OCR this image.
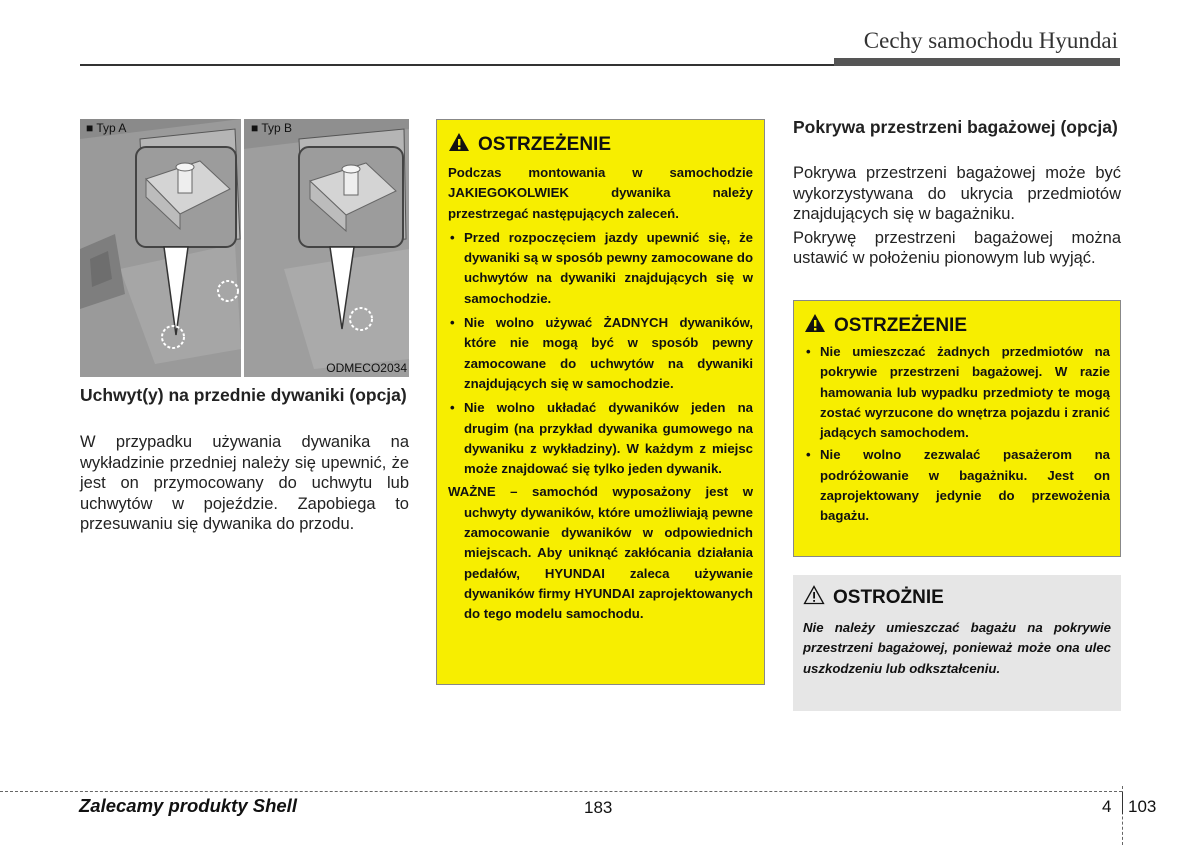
Cechy samochodu Hyundai
■ Typ A	■ Typ B
ODMECO2034
Uchwyt(y) na przednie dywaniki (opcja)
W przypadku używania dywanika na wykładzinie przedniej należy się upewnić, że jest on przymocowany do uchwytu lub uchwytów w pojeździe. Zapobiega to przesuwaniu się dywanika do przodu.
OSTRZEŻENIE
Podczas montowania w samochodzie JAKIEGOKOLWIEK dywanika należy przestrzegać następujących zaleceń.
• Przed rozpoczęciem jazdy upewnić się, że dywaniki są w sposób pewny zamocowane do uchwytów na dywaniki znajdujących się w samochodzie.
• Nie wolno używać ŻADNYCH dywaników, które nie mogą być w sposób pewny zamocowane do uchwytów na dywaniki znajdujących się w samochodzie.
• Nie wolno układać dywaników jeden na drugim (na przykład dywanika gumowego na dywaniku z wykładziny). W każdym z miejsc może znajdować się tylko jeden dywanik.
WAŻNE – samochód wyposażony jest w uchwyty dywaników, które umożliwiają pewne zamocowanie dywaników w odpowiednich miejscach. Aby uniknąć zakłócania działania pedałów, HYUNDAI zaleca używanie dywaników firmy HYUNDAI zaprojektowanych do tego modelu samochodu.
Pokrywa przestrzeni bagażowej (opcja)

Pokrywa przestrzeni bagażowej może być wykorzystywana do ukrycia przedmiotów znajdujących się w bagażniku.

Pokrywę przestrzeni bagażowej można ustawić w położeniu pionowym lub wyjąć.

OSTRZEŻENIE
• Nie umieszczać żadnych przedmiotów na pokrywie przestrzeni bagażowej. W razie hamowania lub wypadku przedmioty te mogą zostać wyrzucone do wnętrza pojazdu i zranić jadących samochodem.
• Nie wolno zezwalać pasażerom na podróżowanie w bagażniku. Jest on zaprojektowany jedynie do przewożenia bagażu.
OSTROŻNIE
Nie należy umieszczać bagażu na pokrywie przestrzeni bagażowej, ponieważ może ona ulec uszkodzeniu lub odkształceniu.
Zalecamy produkty Shell	183	4 103
